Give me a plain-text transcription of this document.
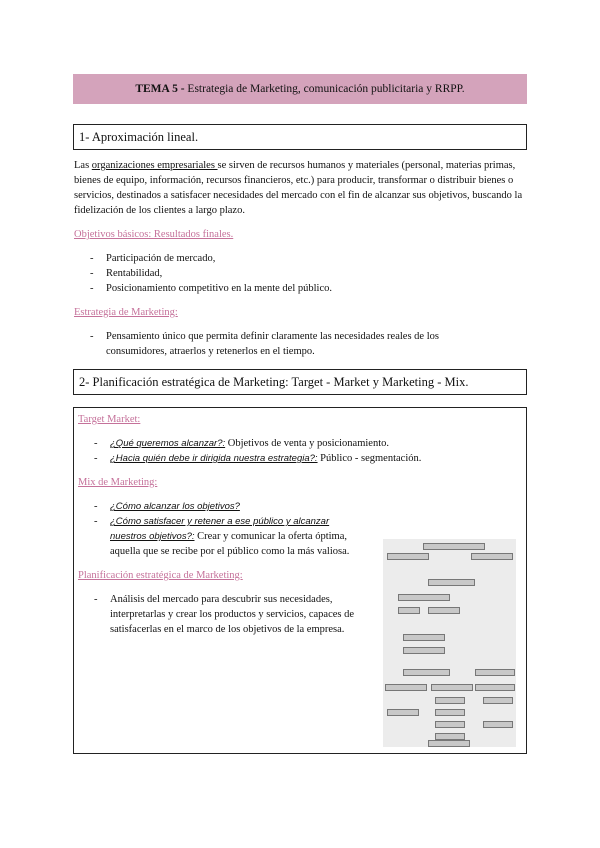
TEMA 5 - Estrategia de Marketing, comunicación publicitaria y RRPP.
1- Aproximación lineal.

Las organizaciones empresariales se sirven de recursos humanos y materiales (personal, materias primas, bienes de equipo, información, recursos financieros, etc.) para producir, transformar o distribuir bienes o servicios, destinados a satisfacer necesidades del mercado con el fin de alcanzar sus objetivos, buscando la fidelización de los clientes a largo plazo.

Objetivos básicos: Resultados finales.

- Participación de mercado,
- Rentabilidad,
- Posicionamiento competitivo en la mente del público.

Estrategia de Marketing:

- Pensamiento único que permita definir claramente las necesidades reales de los consumidores, atraerlos y retenerlos en el tiempo.
2- Planificación estratégica de Marketing: Target - Market y Marketing - Mix.

Target Market:

- ¿Qué queremos alcanzar?: Objetivos de venta y posicionamiento.
- ¿Hacia quién debe ir dirigida nuestra estrategia?: Público - segmentación.

Mix de Marketing:

- ¿Cómo alcanzar los objetivos?
- ¿Cómo satisfacer y retener a ese público y alcanzar nuestros objetivos?: Crear y comunicar la oferta óptima, aquella que se recibe por el público como la más valiosa.

Planificación estratégica de Marketing:

- Análisis del mercado para descubrir sus necesidades, interpretarlas y crear los productos y servicios, capaces de satisfacerlas en el marco de los objetivos de la empresa.
